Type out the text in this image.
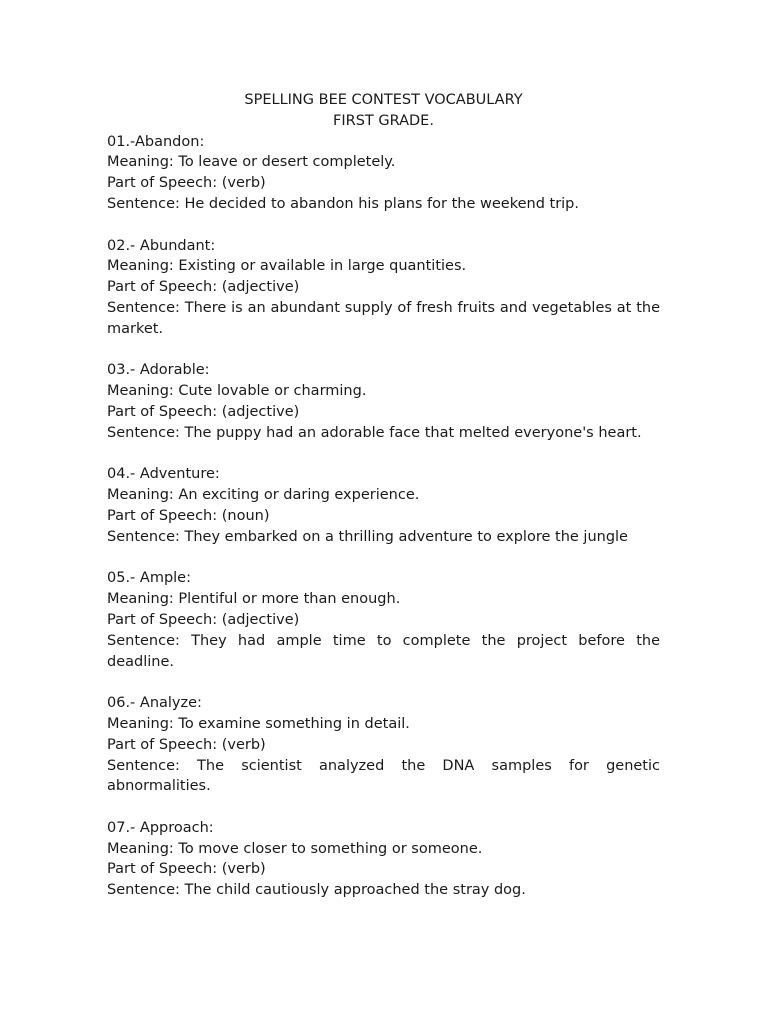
SPELLING BEE CONTEST VOCABULARY
FIRST GRADE.

01.-Abandon:

Meaning: To leave or desert completely.

Part of Speech: (verb)

Sentence: He decided to abandon his plans for the weekend trip.

02.- Abundant:

Meaning: Existing or available in large quantities.

Part of Speech: (adjective)

Sentence: There is an abundant supply of fresh fruits and vegetables at the market.

03.- Adorable:

Meaning: Cute lovable or charming.

Part of Speech: (adjective)

Sentence: The puppy had an adorable face that melted everyone's heart.

04.- Adventure:

Meaning: An exciting or daring experience.

Part of Speech: (noun)

Sentence: They embarked on a thrilling adventure to explore the jungle

05.- Ample:

Meaning: Plentiful or more than enough.

Part of Speech: (adjective)

Sentence: They had ample time to complete the project before the deadline.

06.- Analyze:

Meaning: To examine something in detail.

Part of Speech: (verb)

Sentence: The scientist analyzed the DNA samples for genetic abnormalities.

07.- Approach:

Meaning: To move closer to something or someone.

Part of Speech: (verb)

Sentence: The child cautiously approached the stray dog.
